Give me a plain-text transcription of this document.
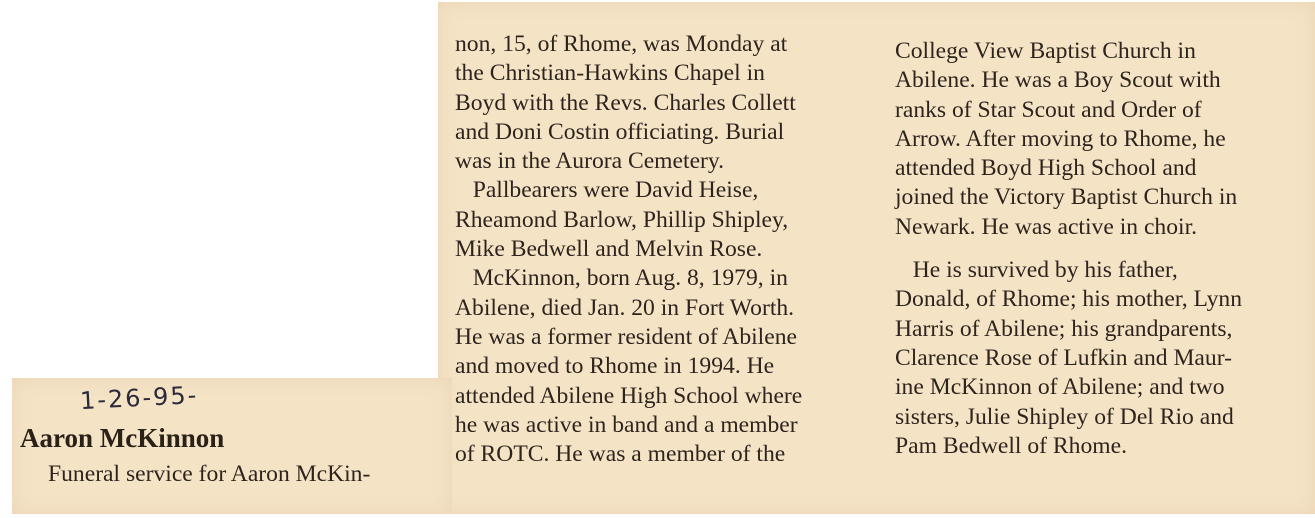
1-26-95-
Aaron McKinnon
Funeral service for Aaron McKin-
non, 15, of Rhome, was Monday at
the Christian-Hawkins Chapel in
Boyd with the Revs. Charles Collett
and Doni Costin officiating. Burial
was in the Aurora Cemetery.
Pallbearers were David Heise,
Rheamond Barlow, Phillip Shipley,
Mike Bedwell and Melvin Rose.
McKinnon, born Aug. 8, 1979, in
Abilene, died Jan. 20 in Fort Worth.
He was a former resident of Abilene
and moved to Rhome in 1994. He
attended Abilene High School where
he was active in band and a member
of ROTC. He was a member of the
College View Baptist Church in
Abilene. He was a Boy Scout with
ranks of Star Scout and Order of
Arrow. After moving to Rhome, he
attended Boyd High School and
joined the Victory Baptist Church in
Newark. He was active in choir.
He is survived by his father,
Donald, of Rhome; his mother, Lynn
Harris of Abilene; his grandparents,
Clarence Rose of Lufkin and Maur-
ine McKinnon of Abilene; and two
sisters, Julie Shipley of Del Rio and
Pam Bedwell of Rhome.
